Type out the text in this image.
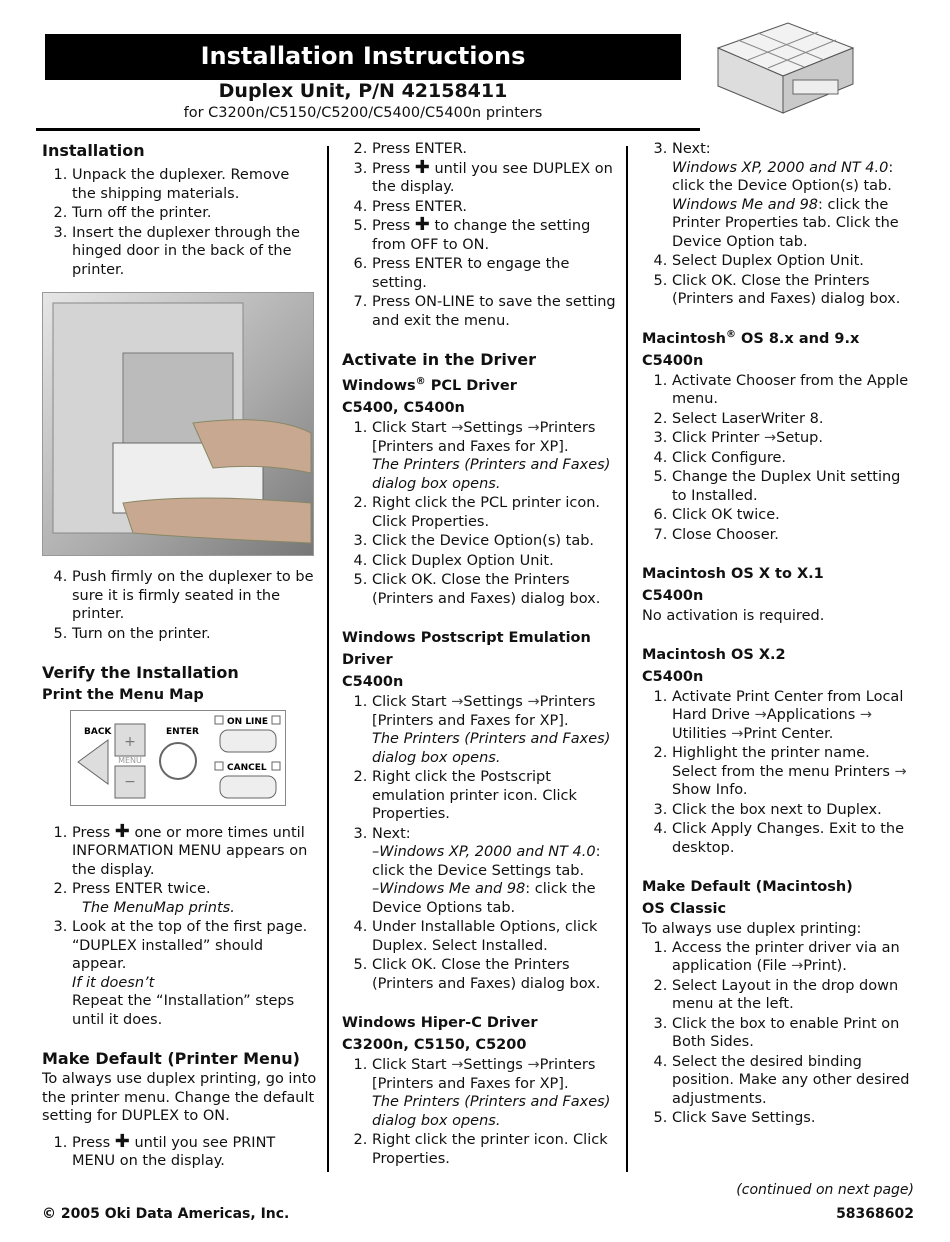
Installation Instructions
Duplex Unit, P/N 42158411
for C3200n/C5150/C5200/C5400/C5400n printers
Installation
1. Unpack the duplexer. Remove the shipping materials.
2. Turn off the printer.
3. Insert the duplexer through the hinged door in the back of the printer.
4. Push firmly on the duplexer to be sure it is firmly seated in the printer.
5. Turn on the printer.
Verify the Installation
Print the Menu Map
BACK	ENTER
+
−
MENU
ON LINE
CANCEL
1. Press ✚ one or more times until INFORMATION MENU appears on the display.
2. Press ENTER twice.
The MenuMap prints.
3. Look at the top of the first page. “DUPLEX installed” should appear.
If it doesn’t
Repeat the “Installation” steps until it does.
Make Default (Printer Menu)

To always use duplex printing, go into the printer menu. Change the default setting for DUPLEX to ON.

1. Press ✚ until you see PRINT MENU on the display.
2. Press ENTER.
3. Press ✚ until you see DUPLEX on the display.
4. Press ENTER.
5. Press ✚ to change the setting from OFF to ON.
6. Press ENTER to engage the setting.
7. Press ON-LINE to save the setting and exit the menu.
Activate in the Driver
Windows® PCL Driver
C5400, C5400n
1. Click Start →Settings →Printers [Printers and Faxes for XP].
The Printers (Printers and Faxes) dialog box opens.
2. Right click the PCL printer icon. Click Properties.
3. Click the Device Option(s) tab.
4. Click Duplex Option Unit.
5. Click OK. Close the Printers (Printers and Faxes) dialog box.
Windows Postscript Emulation Driver
C5400n
1. Click Start →Settings →Printers [Printers and Faxes for XP].
The Printers (Printers and Faxes) dialog box opens.
2. Right click the Postscript emulation printer icon. Click Properties.
3. Next:
–Windows XP, 2000 and NT 4.0: click the Device Settings tab.
–Windows Me and 98: click the Device Options tab.
4. Under Installable Options, click Duplex. Select Installed.
5. Click OK. Close the Printers (Printers and Faxes) dialog box.
Windows Hiper-C Driver
C3200n, C5150, C5200
1. Click Start →Settings →Printers [Printers and Faxes for XP].
The Printers (Printers and Faxes) dialog box opens.
2. Right click the printer icon. Click Properties.
3. Next:
Windows XP, 2000 and NT 4.0: click the Device Option(s) tab.
Windows Me and 98: click the Printer Properties tab. Click the Device Option tab.
4. Select Duplex Option Unit.
5. Click OK. Close the Printers (Printers and Faxes) dialog box.
Macintosh® OS 8.x and 9.x
C5400n
1. Activate Chooser from the Apple menu.
2. Select LaserWriter 8.
3. Click Printer →Setup.
4. Click Configure.
5. Change the Duplex Unit setting to Installed.
6. Click OK twice.
7. Close Chooser.
Macintosh OS X to X.1
C5400n

No activation is required.

Macintosh OS X.2
C5400n
1. Activate Print Center from Local Hard Drive →Applications → Utilities →Print Center.
2. Highlight the printer name. Select from the menu Printers → Show Info.
3. Click the box next to Duplex.
4. Click Apply Changes. Exit to the desktop.
Make Default (Macintosh)
OS Classic

To always use duplex printing:

1. Access the printer driver via an application (File →Print).
2. Select Layout in the drop down menu at the left.
3. Click the box to enable Print on Both Sides.
4. Select the desired binding position. Make any other desired adjustments.
5. Click Save Settings.
(continued on next page)
© 2005 Oki Data Americas, Inc.	58368602
